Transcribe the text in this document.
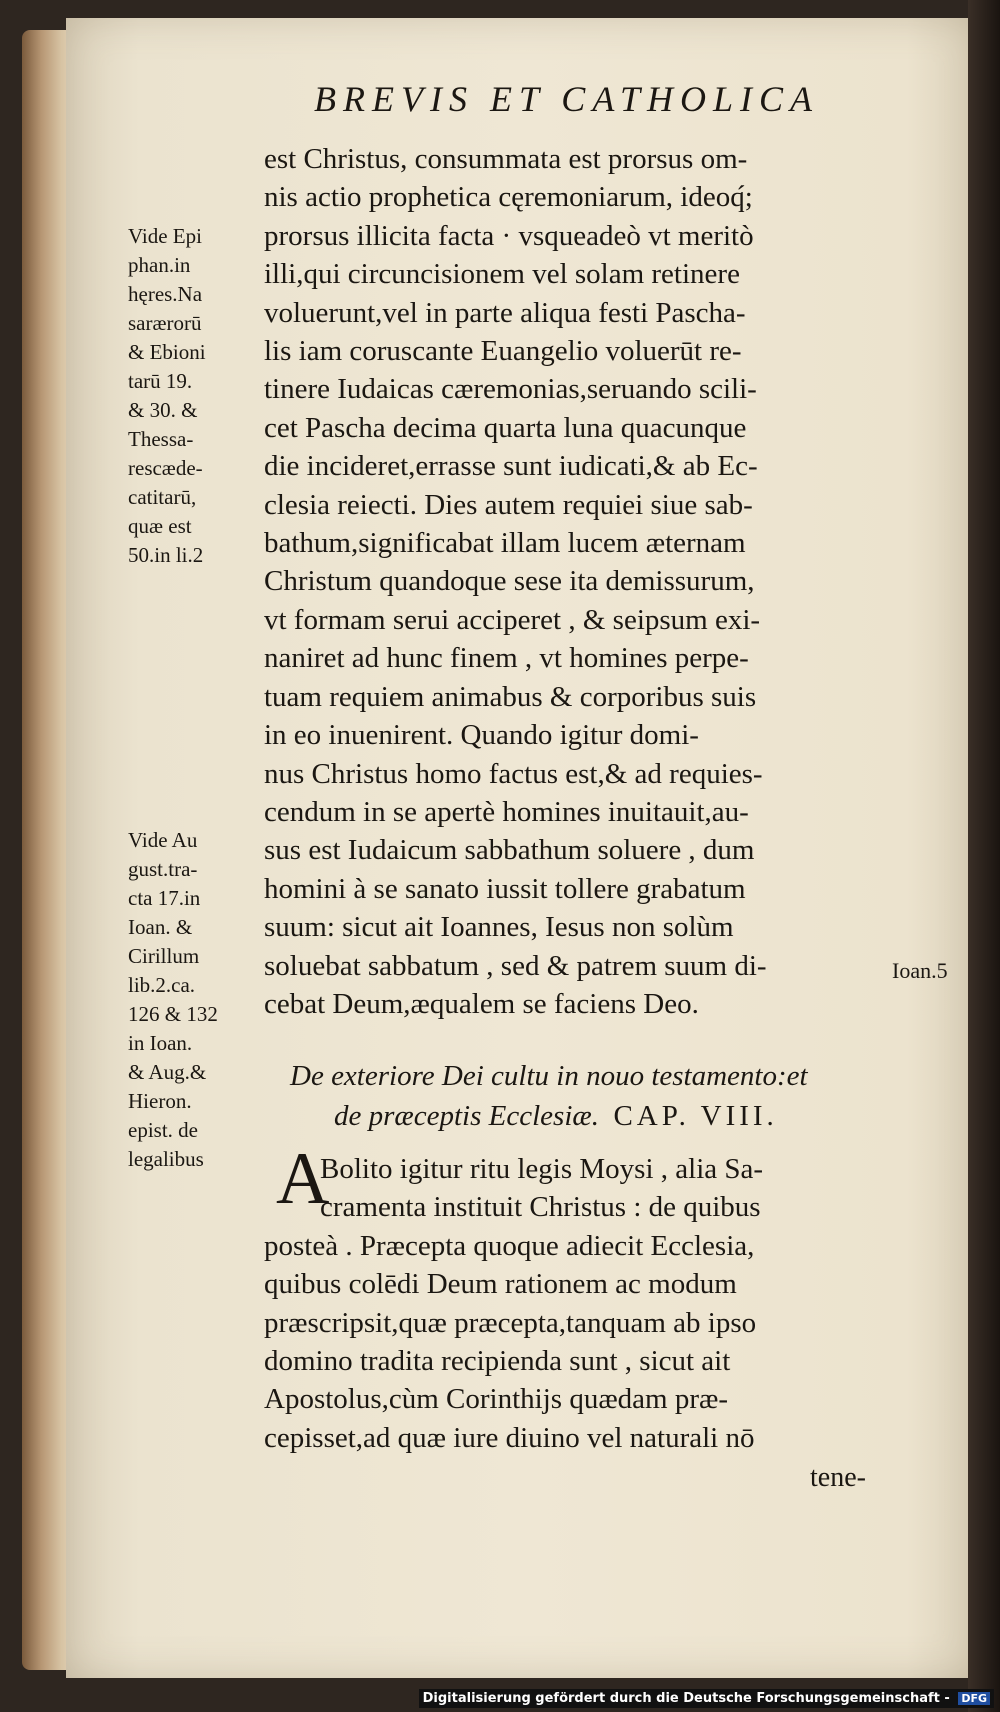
BREVIS ET CATHOLICA
est Christus, consummata est prorsus om-
nis actio prophetica cęremoniarum, ideoq́;
prorsus illicita facta · vsqueadeò vt meritò
illi,qui circuncisionem vel solam retinere
voluerunt,vel in parte aliqua festi Pascha-
lis iam coruscante Euangelio voluerūt re-
tinere Iudaicas cæremonias,seruando scili-
cet Pascha decima quarta luna quacunque
die incideret,errasse sunt iudicati,& ab Ec-
clesia reiecti. Dies autem requiei siue sab-
bathum,significabat illam lucem æternam
Christum quandoque sese ita demissurum,
vt formam serui acciperet , & seipsum exi-
naniret ad hunc finem , vt homines perpe-
tuam requiem animabus & corporibus suis
in eo inuenirent. Quando igitur domi-
nus Christus homo factus est,& ad requies-
cendum in se apertè homines inuitauit,au-
sus est Iudaicum sabbathum soluere , dum
homini à se sanato iussit tollere grabatum
suum: sicut ait Ioannes, Iesus non solùm
soluebat sabbatum , sed & patrem suum di-
cebat Deum,æqualem se faciens Deo.
Vide Epi
phan.in
hęres.Na
sarærorū
& Ebioni
tarū 19.
& 30. &
Thessa-
rescæde-
catitarū,
quæ est
50.in li.2
Vide Au
gust.tra-
cta 17.in
Ioan. &
Cirillum
lib.2.ca.
126 & 132
in Ioan.
& Aug.&
Hieron.
epist. de
legalibus
Ioan.5
De exteriore Dei cultu in nouo testamento:et
de præceptis Ecclesiæ. CAP. VIII.
A
Bolito igitur ritu legis Moysi , alia Sa-
cramenta instituit Christus : de quibus
posteà . Præcepta quoque adiecit Ecclesia,
quibus colēdi Deum rationem ac modum
præscripsit,quæ præcepta,tanquam ab ipso
domino tradita recipienda sunt , sicut ait
Apostolus,cùm Corinthijs quædam præ-
cepisset,ad quæ iure diuino vel naturali nō
tene-
Digitalisierung gefördert durch die Deutsche Forschungsgemeinschaft - DFG
